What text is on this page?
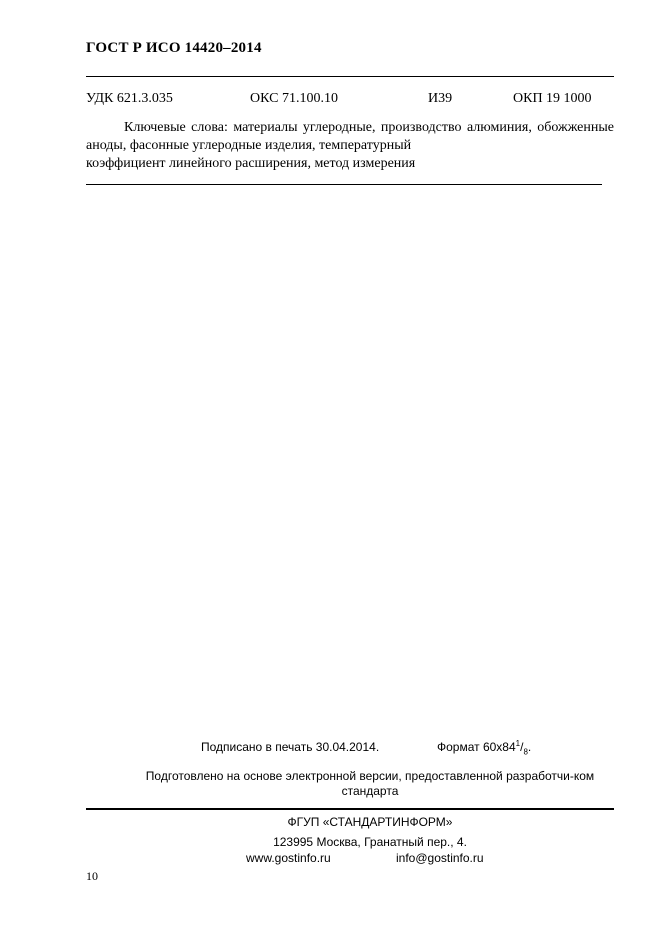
ГОСТ Р ИСО 14420–2014
УДК 621.3.035	ОКС 71.100.10	И39	ОКП 19 1000

Ключевые слова: материалы углеродные, производство алюминия, обожженные аноды, фасонные углеродные изделия, температурный

коэффициент линейного расширения, метод измерения

Подписано в печать 30.04.2014.	Формат $60x84^1/_8$.
Подготовлено на основе электронной версии, предоставленной разработчи-ком стандарта
ФГУП «СТАНДАРТИНФОРМ»
123995 Москва, Гранатный пер., 4.
www.gostinfo.ru	info@gostinfo.ru
10
